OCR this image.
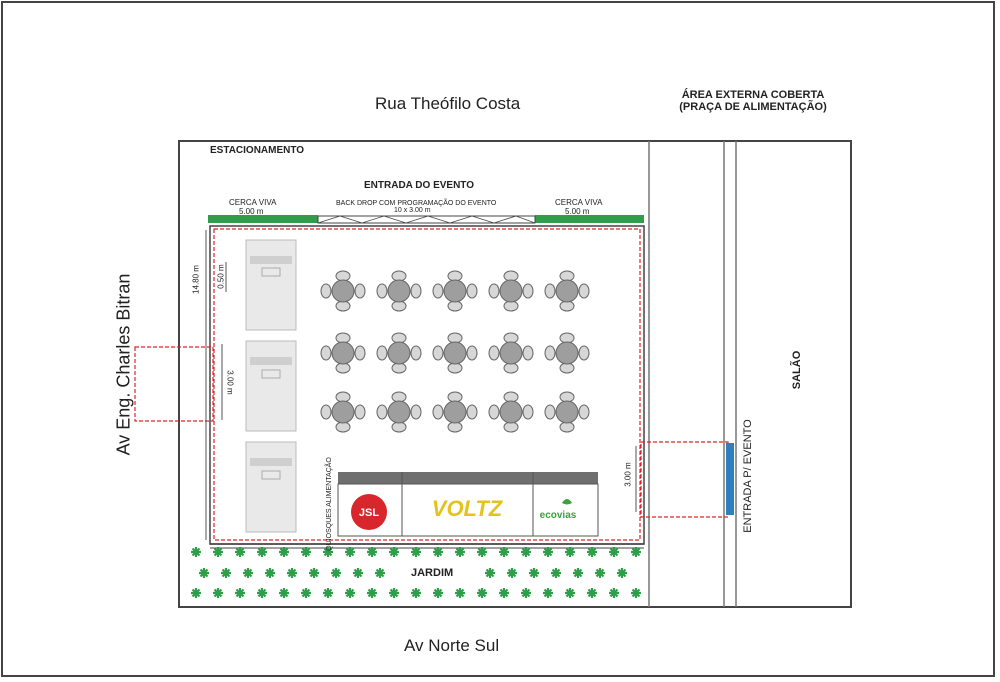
JSL VOLTZ	ecovias
Rua Theófilo Costa
Av Norte Sul
Av Eng. Charles Bitran
ÁREA EXTERNA COBERTA
(PRAÇA DE ALIMENTAÇÃO)
ESTACIONAMENTO
ENTRADA DO EVENTO
CERCA VIVA
5.00 m
CERCA VIVA
5.00 m
BACK DROP COM PROGRAMAÇÃO DO EVENTO
10 x 3.00 m
14.80 m 0.50 m
3.00 m
3.00 m
QUIOSQUES ALIMENTAÇÃO
JARDIM
SALÃO
ENTRADA P/ EVENTO
